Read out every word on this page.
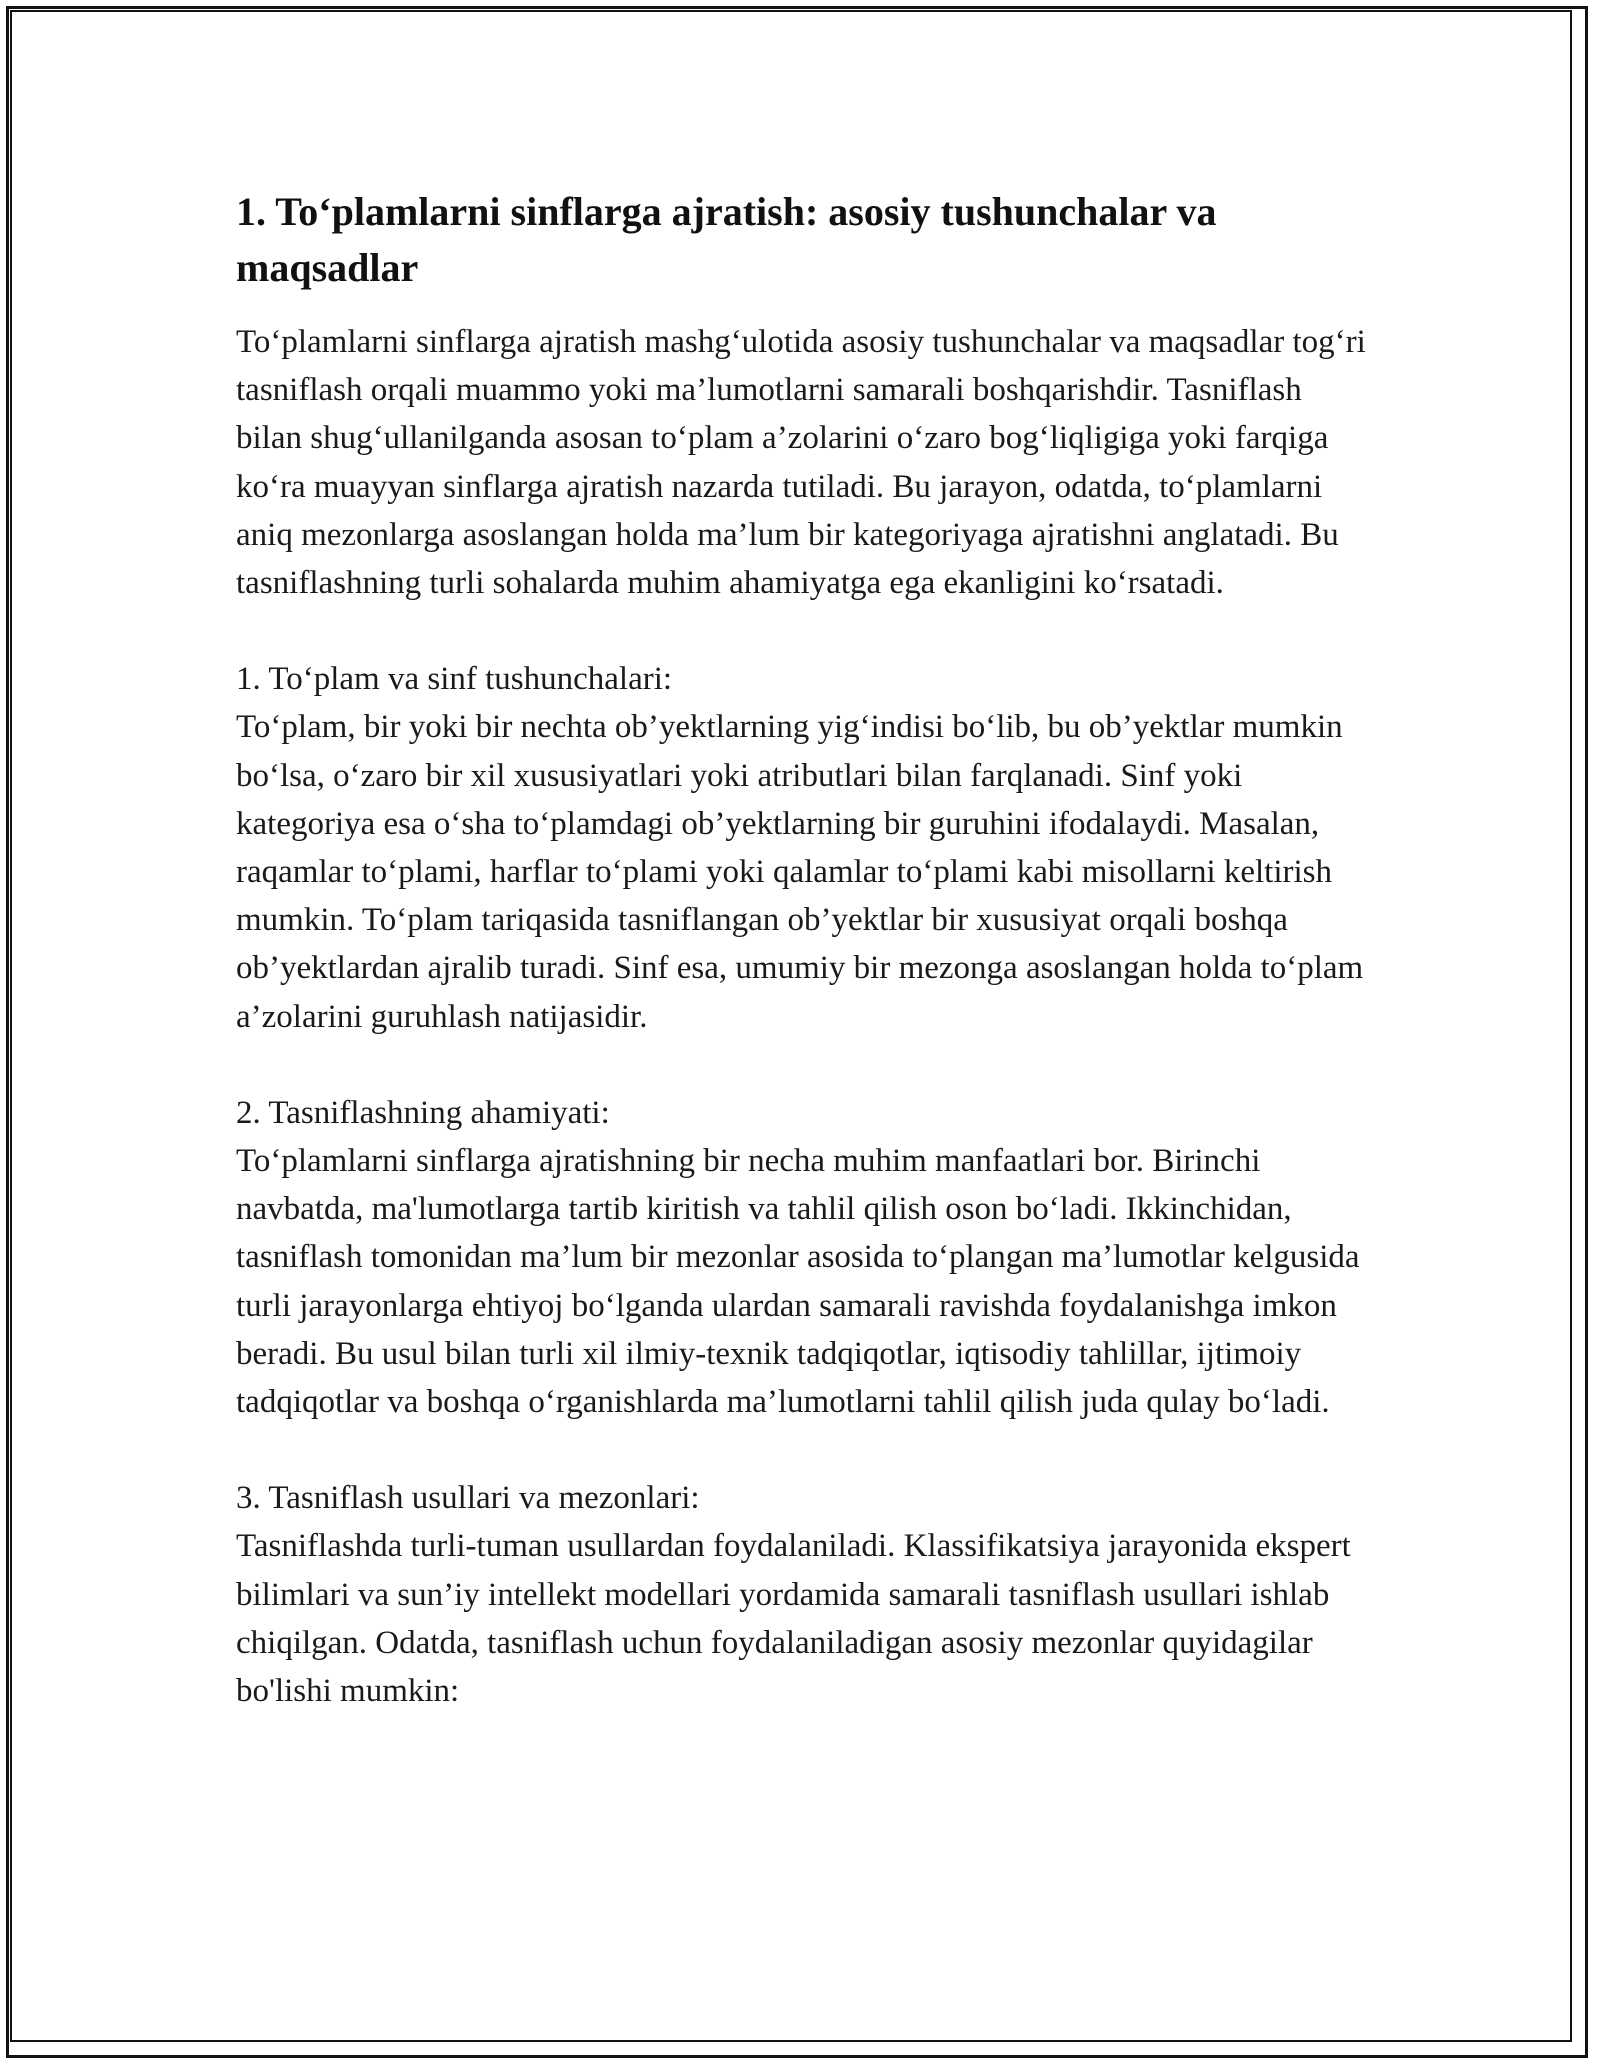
1. To‘plamlarni sinflarga ajratish: asosiy tushunchalar va maqsadlar

To‘plamlarni sinflarga ajratish mashg‘ulotida asosiy tushunchalar va maqsadlar tog‘ri tasniflash orqali muammo yoki ma’lumotlarni samarali boshqarishdir. Tasniflash bilan shug‘ullanilganda asosan to‘plam a’zolarini o‘zaro bog‘liqligiga yoki farqiga ko‘ra muayyan sinflarga ajratish nazarda tutiladi. Bu jarayon, odatda, to‘plamlarni aniq mezonlarga asoslangan holda ma’lum bir kategoriyaga ajratishni anglatadi. Bu tasniflashning turli sohalarda muhim ahamiyatga ega ekanligini ko‘rsatadi.

1. To‘plam va sinf tushunchalari:

To‘plam, bir yoki bir nechta ob’yektlarning yig‘indisi bo‘lib, bu ob’yektlar mumkin bo‘lsa, o‘zaro bir xil xususiyatlari yoki atributlari bilan farqlanadi. Sinf yoki kategoriya esa o‘sha to‘plamdagi ob’yektlarning bir guruhini ifodalaydi. Masalan, raqamlar to‘plami, harflar to‘plami yoki qalamlar to‘plami kabi misollarni keltirish mumkin. To‘plam tariqasida tasniflangan ob’yektlar bir xususiyat orqali boshqa ob’yektlardan ajralib turadi. Sinf esa, umumiy bir mezonga asoslangan holda to‘plam a’zolarini guruhlash natijasidir.

2. Tasniflashning ahamiyati:

To‘plamlarni sinflarga ajratishning bir necha muhim manfaatlari bor. Birinchi navbatda, ma'lumotlarga tartib kiritish va tahlil qilish oson bo‘ladi. Ikkinchidan, tasniflash tomonidan ma’lum bir mezonlar asosida to‘plangan ma’lumotlar kelgusida turli jarayonlarga ehtiyoj bo‘lganda ulardan samarali ravishda foydalanishga imkon beradi. Bu usul bilan turli xil ilmiy-texnik tadqiqotlar, iqtisodiy tahlillar, ijtimoiy tadqiqotlar va boshqa o‘rganishlarda ma’lumotlarni tahlil qilish juda qulay bo‘ladi.

3. Tasniflash usullari va mezonlari:

Tasniflashda turli-tuman usullardan foydalaniladi. Klassifikatsiya jarayonida ekspert bilimlari va sun’iy intellekt modellari yordamida samarali tasniflash usullari ishlab chiqilgan. Odatda, tasniflash uchun foydalaniladigan asosiy mezonlar quyidagilar bo'lishi mumkin:
